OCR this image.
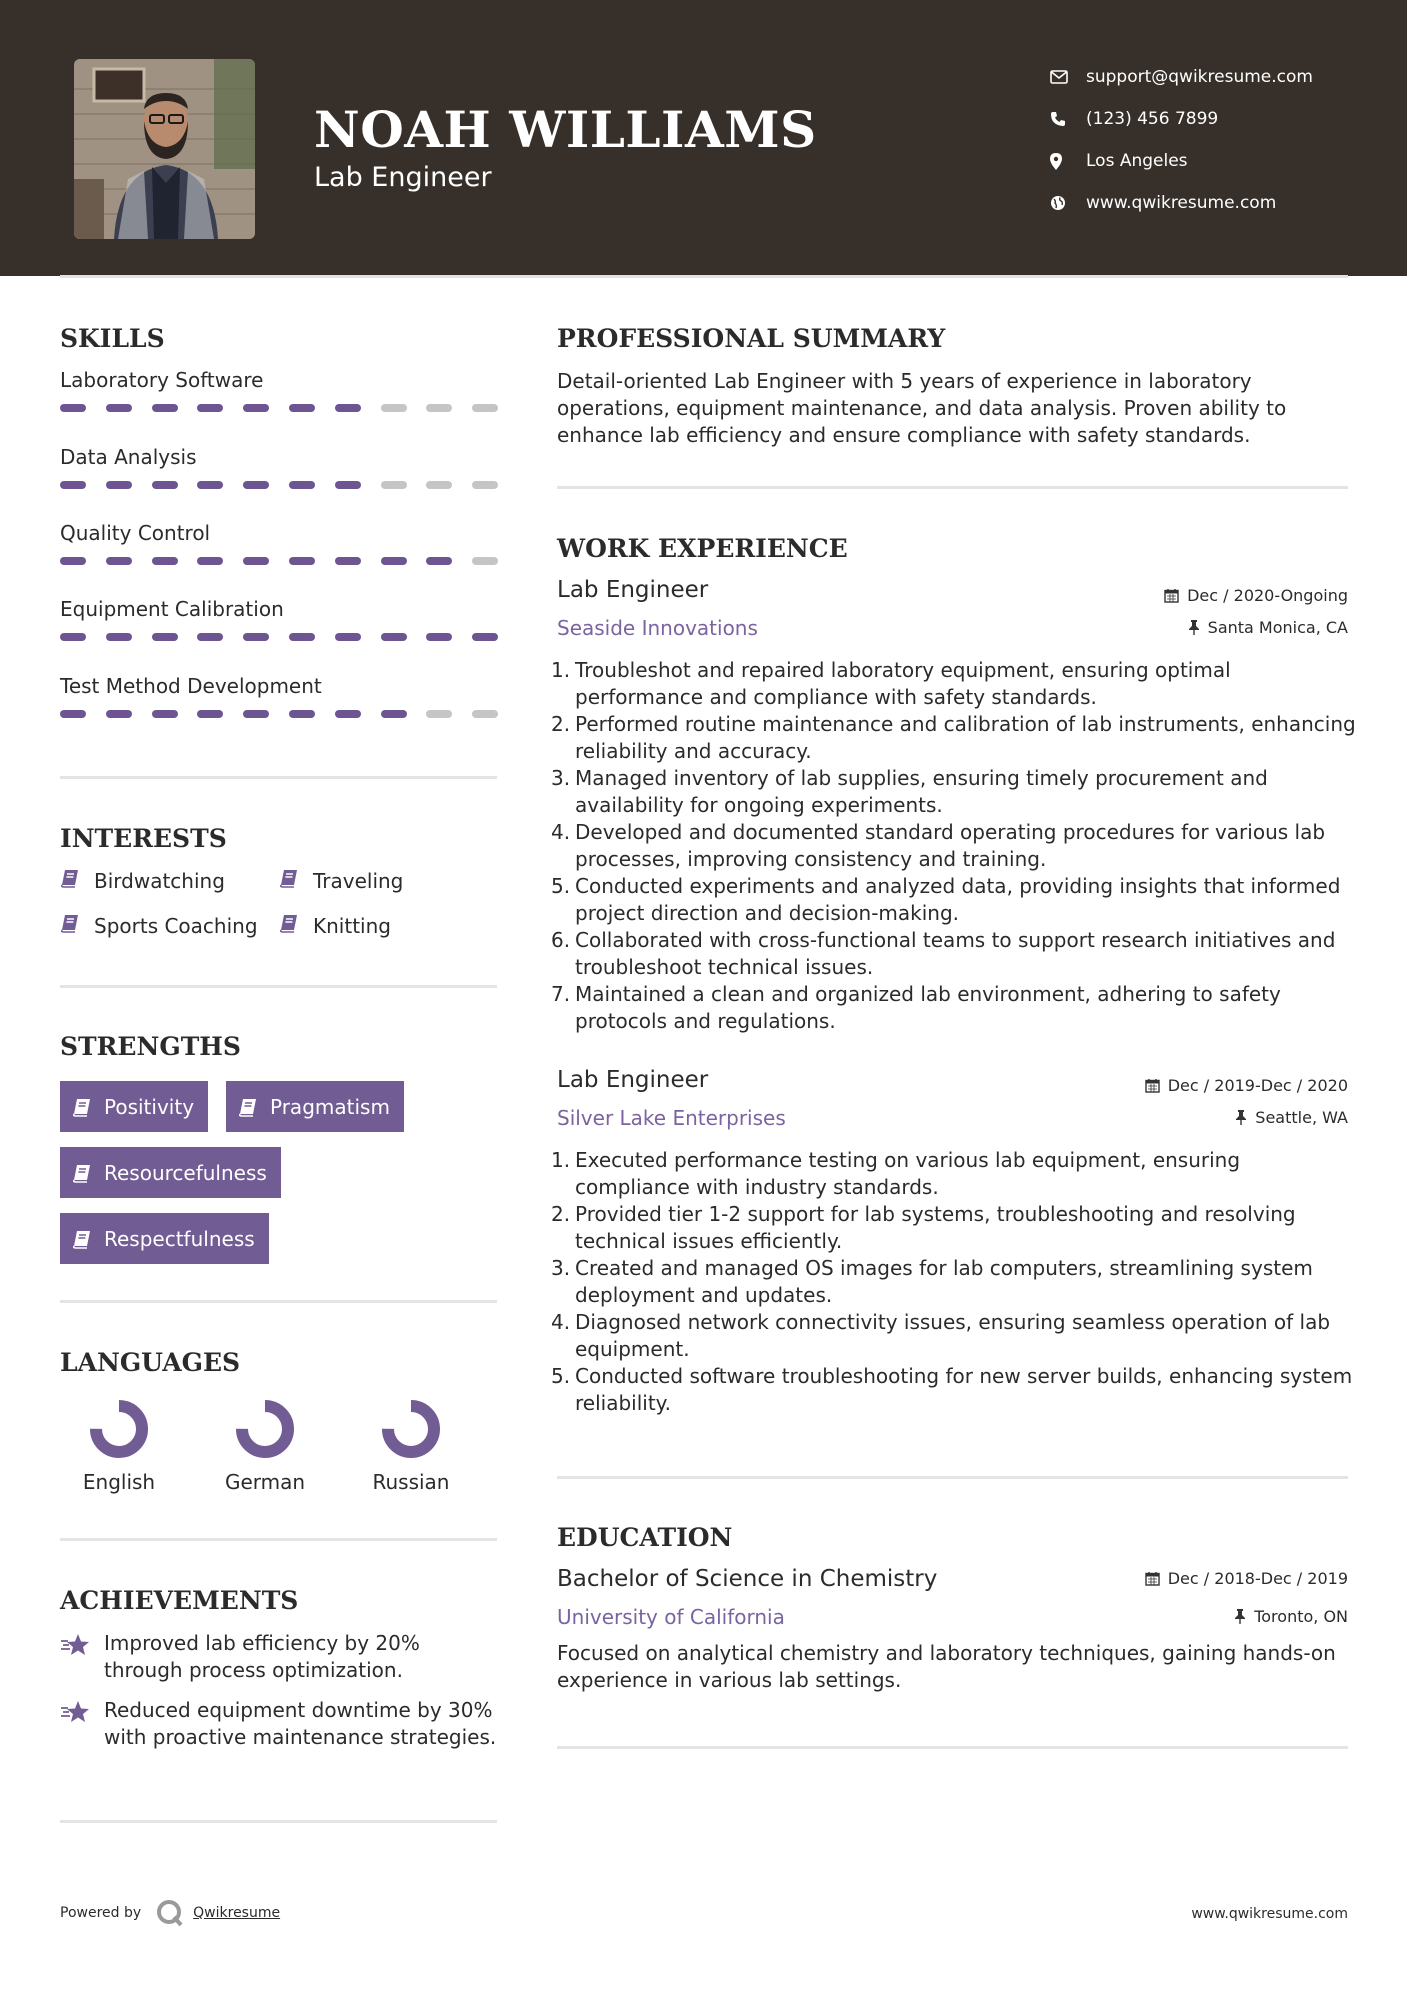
NOAH WILLIAMS
Lab Engineer
support@qwikresume.com
(123) 456 7899
Los Angeles
www.qwikresume.com
SKILLS
Laboratory Software
Data Analysis
Quality Control
Equipment Calibration
Test Method Development
INTERESTS
Birdwatching	Traveling
Sports Coaching	Knitting
STRENGTHS
Positivity	Pragmatism
Resourcefulness
Respectfulness
LANGUAGES
English	German	Russian
ACHIEVEMENTS
Improved lab efficiency by 20% through process optimization.
Reduced equipment downtime by 30% with proactive maintenance strategies.
PROFESSIONAL SUMMARY
Detail-oriented Lab Engineer with 5 years of experience in laboratory operations, equipment maintenance, and data analysis. Proven ability to enhance lab efficiency and ensure compliance with safety standards.
WORK EXPERIENCE
Lab Engineer	Dec / 2020-Ongoing
Seaside Innovations	Santa Monica, CA
1. Troubleshot and repaired laboratory equipment, ensuring optimal performance and compliance with safety standards.
2. Performed routine maintenance and calibration of lab instruments, enhancing reliability and accuracy.
3. Managed inventory of lab supplies, ensuring timely procurement and availability for ongoing experiments.
4. Developed and documented standard operating procedures for various lab processes, improving consistency and training.
5. Conducted experiments and analyzed data, providing insights that informed project direction and decision-making.
6. Collaborated with cross-functional teams to support research initiatives and troubleshoot technical issues.
7. Maintained a clean and organized lab environment, adhering to safety protocols and regulations.
Lab Engineer	Dec / 2019-Dec / 2020
Silver Lake Enterprises	Seattle, WA
1. Executed performance testing on various lab equipment, ensuring compliance with industry standards.
2. Provided tier 1-2 support for lab systems, troubleshooting and resolving technical issues efficiently.
3. Created and managed OS images for lab computers, streamlining system deployment and updates.
4. Diagnosed network connectivity issues, ensuring seamless operation of lab equipment.
5. Conducted software troubleshooting for new server builds, enhancing system reliability.
EDUCATION
Bachelor of Science in Chemistry	Dec / 2018-Dec / 2019
University of California	Toronto, ON
Focused on analytical chemistry and laboratory techniques, gaining hands-on experience in various lab settings.
Powered by	Qwikresume	www.qwikresume.com
